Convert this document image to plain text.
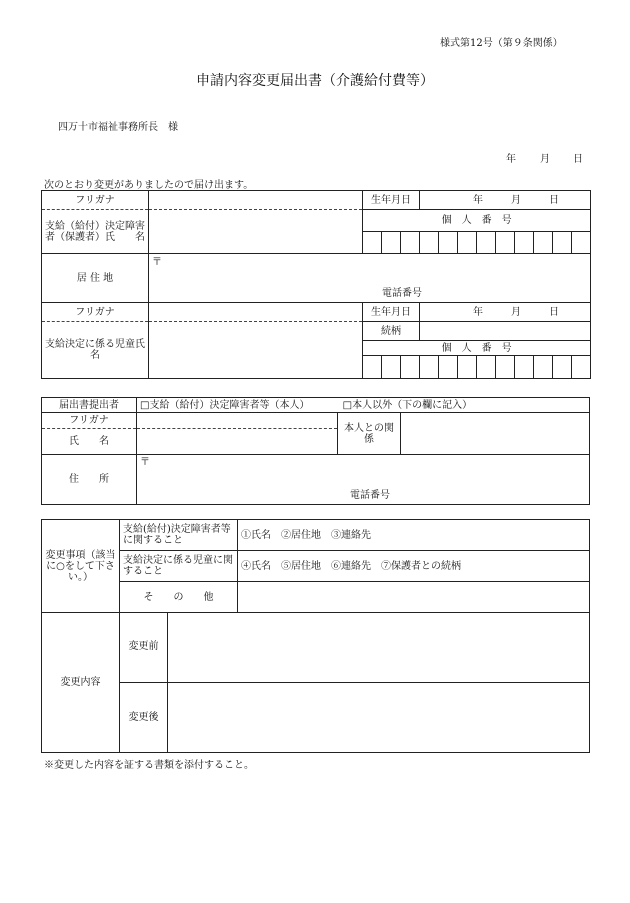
様式第12号（第９条関係）
申請内容変更届出書（介護給付費等）
四万十市福祉事務所長　様
年 月 日
次のとおり変更がありましたので届け出ます。
フリガナ		生年月日			年 月 日								
支給（給付）決定障害者（保護者）氏　　名		個　人　番　号											

居 住 地	〒
電話番号												

フリガナ		生年月日			年 月 日								
支給決定に係る児童氏名		続柄											
		個　人　番　号											

届出書提出者	□支給（給付）決定障害者等（本人） □本人以外（下の欄に記入）		
フリガナ		本人との関係	
氏　　名			
住　　所	〒
電話番号		
変更事項（該当に○をして下さい。）	支給(給付)決定障害者等に関すること		①氏名　②居住地　③連絡先
	支給決定に係る児童に関すること		④氏名　⑤居住地　⑥連絡先　⑦保護者との続柄
	そ　　の　　他		
変更内容	変更前		
	変更後		
※変更した内容を証する書類を添付すること。
